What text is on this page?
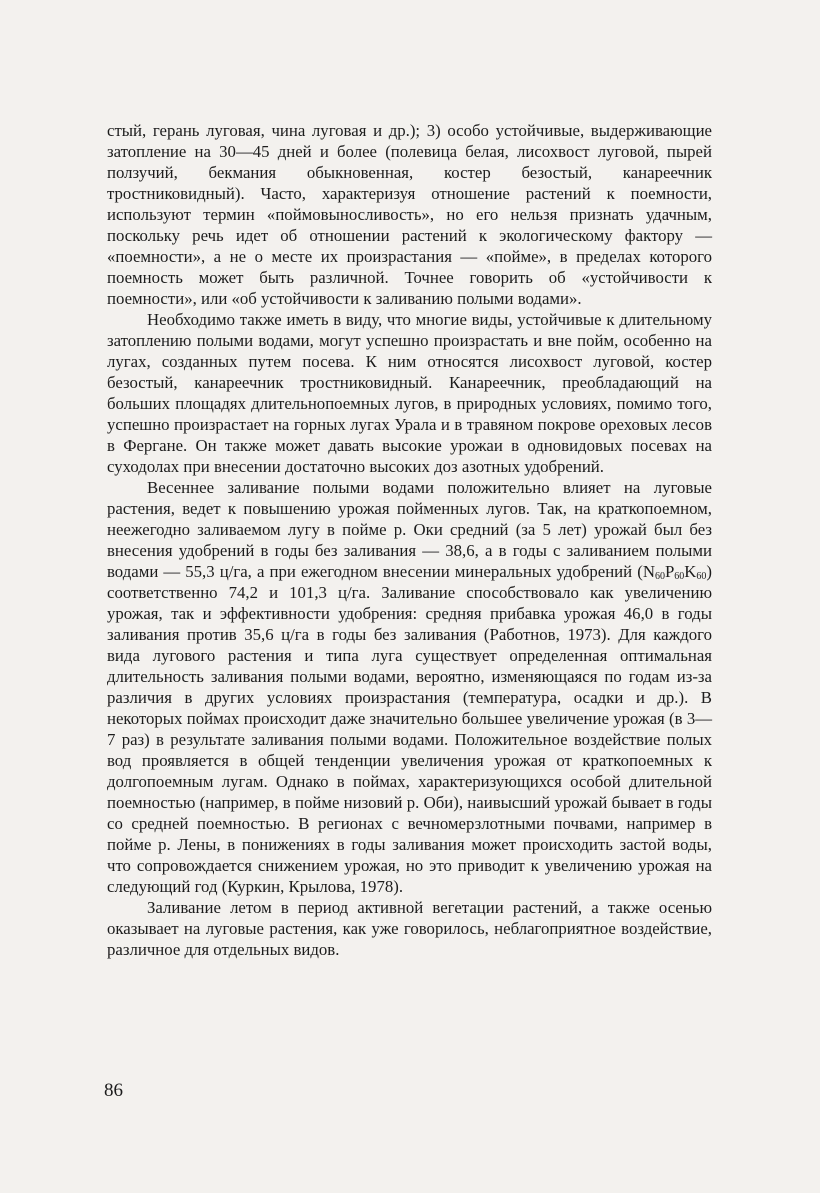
стый, герань луговая, чина луговая и др.); 3) особо устойчивые, выдерживающие затопление на 30—45 дней и более (полевица белая, лисохвост луговой, пырей ползучий, бекмания обыкновенная, костер безостый, канареечник тростниковидный). Часто, характеризуя отношение растений к поемности, используют термин «поймовыносливость», но его нельзя признать удачным, поскольку речь идет об отношении растений к экологическому фактору — «поемности», а не о месте их произрастания — «пойме», в пределах которого поемность может быть различной. Точнее говорить об «устойчивости к поемности», или «об устойчивости к заливанию полыми водами».

Необходимо также иметь в виду, что многие виды, устойчивые к длительному затоплению полыми водами, могут успешно произрастать и вне пойм, особенно на лугах, созданных путем посева. К ним относятся лисохвост луговой, костер безостый, канареечник тростниковидный. Канареечник, преобладающий на больших площадях длительнопоемных лугов, в природных условиях, помимо того, успешно произрастает на горных лугах Урала и в травяном покрове ореховых лесов в Фергане. Он также может давать высокие урожаи в одновидовых посевах на суходолах при внесении достаточно высоких доз азотных удобрений.

Весеннее заливание полыми водами положительно влияет на луговые растения, ведет к повышению урожая пойменных лугов. Так, на краткопоемном, неежегодно заливаемом лугу в пойме р. Оки средний (за 5 лет) урожай был без внесения удобрений в годы без заливания — 38,6, а в годы с заливанием полыми водами — 55,3 ц/га, а при ежегодном внесении минеральных удобрений $(N_{60}P_{60}K_{60})$ соответственно 74,2 и 101,3 ц/га. Заливание способствовало как увеличению урожая, так и эффективности удобрения: средняя прибавка урожая 46,0 в годы заливания против 35,6 ц/га в годы без заливания (Работнов, 1973). Для каждого вида лугового растения и типа луга существует определенная оптимальная длительность заливания полыми водами, вероятно, изменяющаяся по годам из-за различия в других условиях произрастания (температура, осадки и др.). В некоторых поймах происходит даже значительно большее увеличение урожая (в 3—7 раз) в результате заливания полыми водами. Положительное воздействие полых вод проявляется в общей тенденции увеличения урожая от краткопоемных к долгопоемным лугам. Однако в поймах, характеризующихся особой длительной поемностью (например, в пойме низовий р. Оби), наивысший урожай бывает в годы со средней поемностью. В регионах с вечномерзлотными почвами, например в пойме р. Лены, в понижениях в годы заливания может происходить застой воды, что сопровождается снижением урожая, но это приводит к увеличению урожая на следующий год (Куркин, Крылова, 1978).

Заливание летом в период активной вегетации растений, а также осенью оказывает на луговые растения, как уже говорилось, неблагоприятное воздействие, различное для отдельных видов.

86
